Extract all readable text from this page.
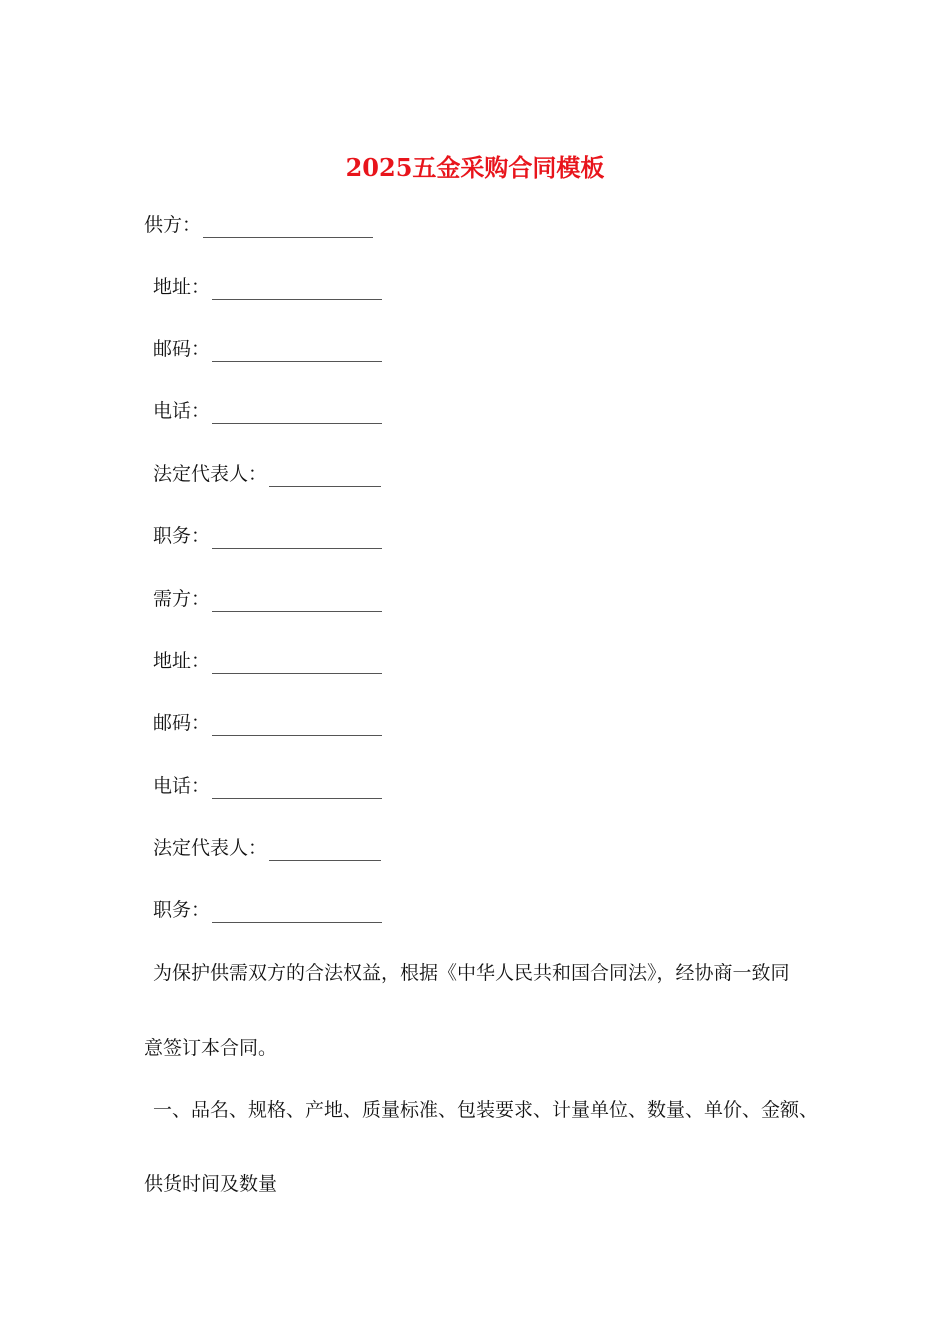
2025五金采购合同模板
供方：
地址：
邮码：
电话：
法定代表人：
职务：
需方：
地址：
邮码：
电话：
法定代表人：
职务：
为保护供需双方的合法权益，根据《中华人民共和国合同法》，经协商一致同
意签订本合同。
一、品名、规格、产地、质量标准、包装要求、计量单位、数量、单价、金额、
供货时间及数量
